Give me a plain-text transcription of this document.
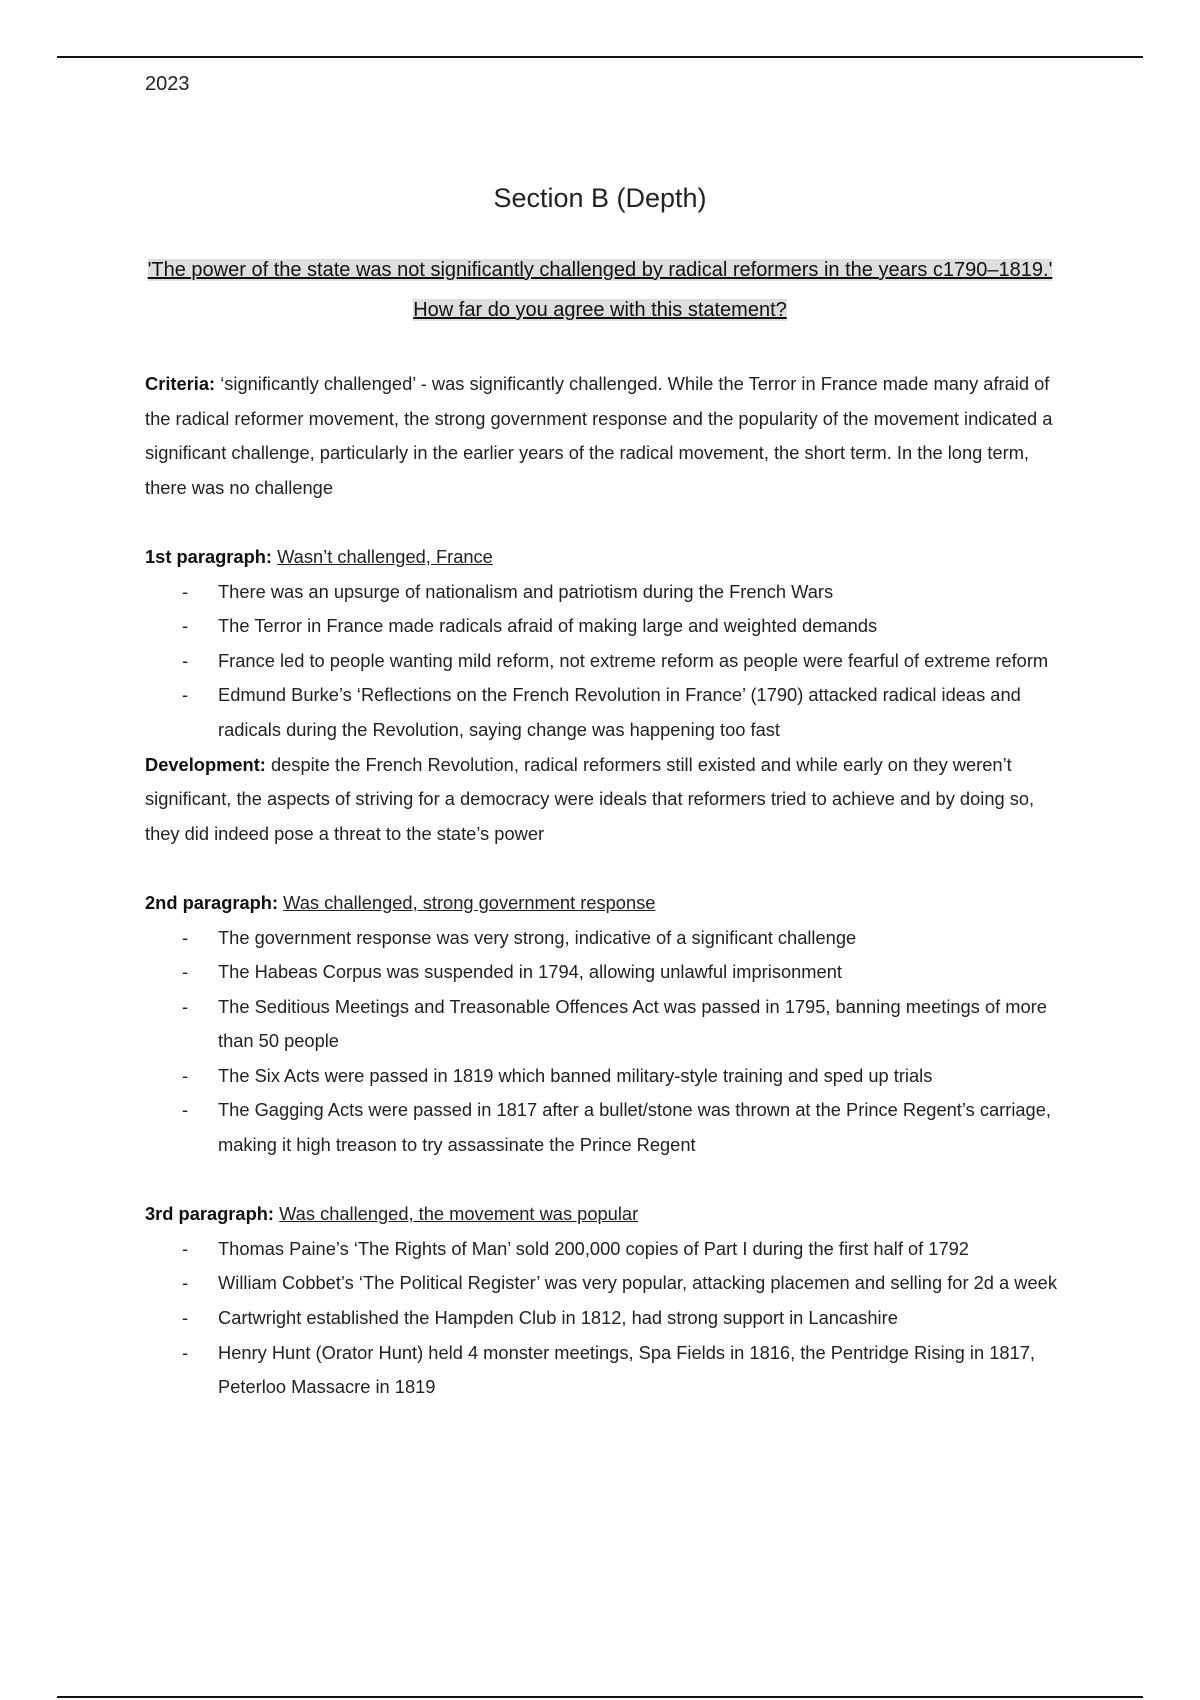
2023
Section B (Depth)
'The power of the state was not significantly challenged by radical reformers in the years c1790–1819.' How far do you agree with this statement?

Criteria: ‘significantly challenged’ - was significantly challenged. While the Terror in France made many afraid of the radical reformer movement, the strong government response and the popularity of the movement indicated a significant challenge, particularly in the earlier years of the radical movement, the short term. In the long term, there was no challenge

1st paragraph: Wasn’t challenged, France

- There was an upsurge of nationalism and patriotism during the French Wars
- The Terror in France made radicals afraid of making large and weighted demands
- France led to people wanting mild reform, not extreme reform as people were fearful of extreme reform
- Edmund Burke’s ‘Reflections on the French Revolution in France’ (1790) attacked radical ideas and radicals during the Revolution, saying change was happening too fast

Development: despite the French Revolution, radical reformers still existed and while early on they weren’t significant, the aspects of striving for a democracy were ideals that reformers tried to achieve and by doing so, they did indeed pose a threat to the state’s power

2nd paragraph: Was challenged, strong government response

- The government response was very strong, indicative of a significant challenge
- The Habeas Corpus was suspended in 1794, allowing unlawful imprisonment
- The Seditious Meetings and Treasonable Offences Act was passed in 1795, banning meetings of more than 50 people
- The Six Acts were passed in 1819 which banned military-style training and sped up trials
- The Gagging Acts were passed in 1817 after a bullet/stone was thrown at the Prince Regent’s carriage, making it high treason to try assassinate the Prince Regent

3rd paragraph: Was challenged, the movement was popular

- Thomas Paine’s ‘The Rights of Man’ sold 200,000 copies of Part I during the first half of 1792
- William Cobbet’s ‘The Political Register’ was very popular, attacking placemen and selling for 2d a week
- Cartwright established the Hampden Club in 1812, had strong support in Lancashire
- Henry Hunt (Orator Hunt) held 4 monster meetings, Spa Fields in 1816, the Pentridge Rising in 1817, Peterloo Massacre in 1819
